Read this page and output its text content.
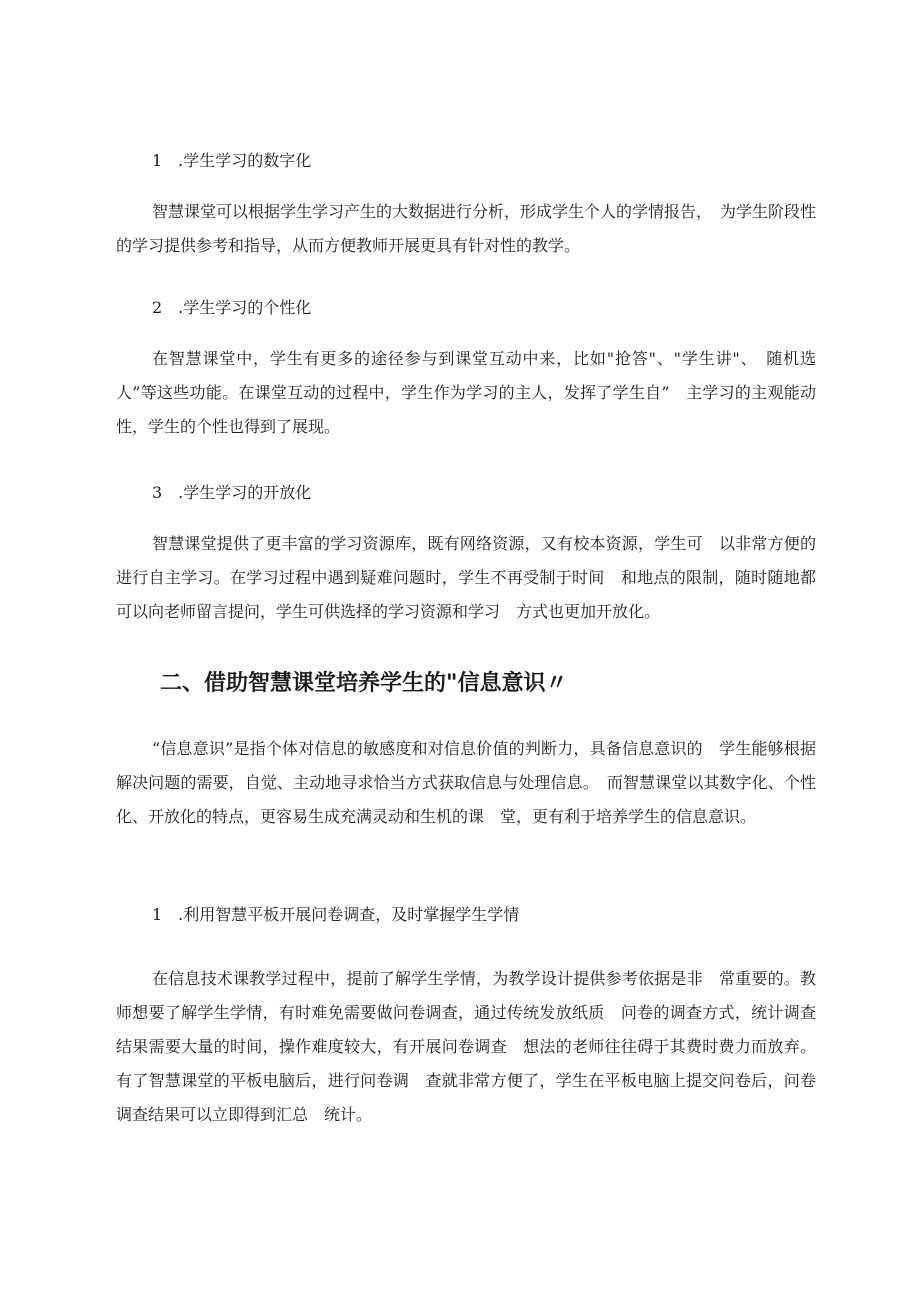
1　.学生学习的数字化

智慧课堂可以根据学生学习产生的大数据进行分析，形成学生个人的学情报告，　为学生阶段性的学习提供参考和指导，从而方便教师开展更具有针对性的教学。

2　.学生学习的个性化

在智慧课堂中，学生有更多的途径参与到课堂互动中来，比如"抢答"、"学生讲"、　随机选人”等这些功能。在课堂互动的过程中，学生作为学习的主人，发挥了学生自”　主学习的主观能动性，学生的个性也得到了展现。

3　.学生学习的开放化

智慧课堂提供了更丰富的学习资源库，既有网络资源，又有校本资源，学生可　以非常方便的进行自主学习。在学习过程中遇到疑难问题时，学生不再受制于时间　和地点的限制，随时随地都可以向老师留言提问，学生可供选择的学习资源和学习　方式也更加开放化。

二、借助智慧课堂培养学生的"信息意识〃

“信息意识”是指个体对信息的敏感度和对信息价值的判断力，具备信息意识的　学生能够根据解决问题的需要，自觉、主动地寻求恰当方式获取信息与处理信息。　而智慧课堂以其数字化、个性化、开放化的特点，更容易生成充满灵动和生机的课　堂，更有利于培养学生的信息意识。

1　.利用智慧平板开展问卷调查，及时掌握学生学情

在信息技术课教学过程中，提前了解学生学情，为教学设计提供参考依据是非　常重要的。教师想要了解学生学情，有时难免需要做问卷调查，通过传统发放纸质　问卷的调查方式，统计调查结果需要大量的时间，操作难度较大，有开展问卷调查　想法的老师往往碍于其费时费力而放弃。有了智慧课堂的平板电脑后，进行问卷调　查就非常方便了，学生在平板电脑上提交问卷后，问卷调查结果可以立即得到汇总　统计。
